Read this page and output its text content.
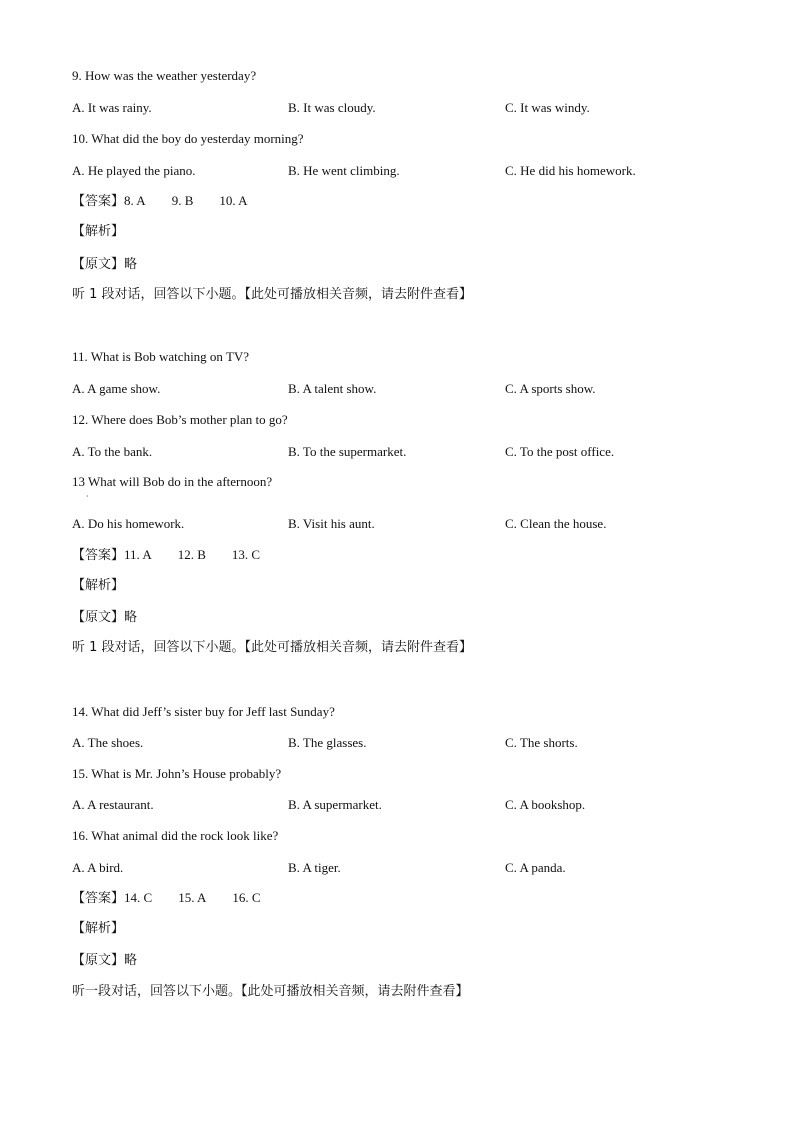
9. How was the weather yesterday?
A. It was rainy.	B. It was cloudy.	C. It was windy.
10. What did the boy do yesterday morning?
A. He played the piano.	B. He went climbing.	C. He did his homework.
【答案】8. A 9. B 10. A
【解析】
【原文】略
听 1 段对话，回答以下小题。【此处可播放相关音频，请去附件查看】
11. What is Bob watching on TV?
A. A game show.	B. A talent show.	C. A sports show.
12. Where does Bob’s mother plan to go?
A. To the bank.	B. To the supermarket.	C. To the post office.
13 What will Bob do in the afternoon?
·
A. Do his homework.	B. Visit his aunt.	C. Clean the house.
【答案】11. A 12. B 13. C
【解析】
【原文】略
听 1 段对话，回答以下小题。【此处可播放相关音频，请去附件查看】
14. What did Jeff’s sister buy for Jeff last Sunday?
A. The shoes.	B. The glasses.	C. The shorts.
15. What is Mr. John’s House probably?
A. A restaurant.	B. A supermarket.	C. A bookshop.
16. What animal did the rock look like?
A. A bird.	B. A tiger.	C. A panda.
【答案】14. C 15. A 16. C
【解析】
【原文】略
听一段对话，回答以下小题。【此处可播放相关音频，请去附件查看】
